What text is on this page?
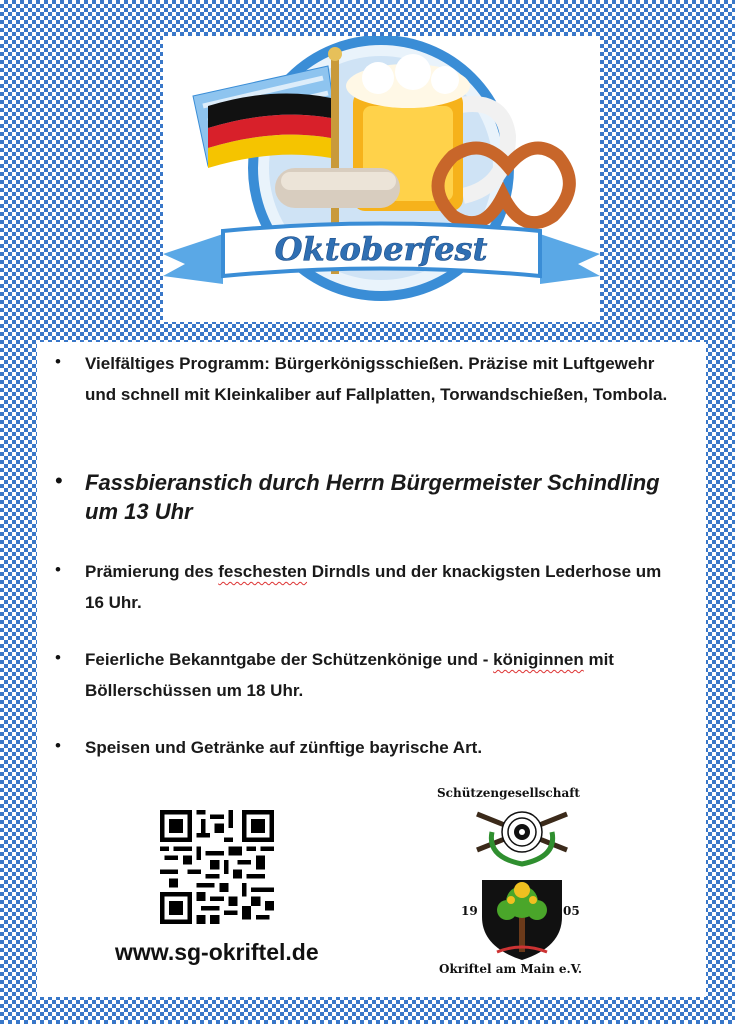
Oktoberfest
• Vielfältiges Programm: Bürgerkönigsschießen. Präzise mit Luftgewehr und schnell mit Kleinkaliber auf Fallplatten, Torwandschießen, Tombola.
• Fassbieranstich durch Herrn Bürgermeister Schindling um 13 Uhr
• Prämierung des feschesten Dirndls und der knackigsten Lederhose um 16 Uhr.
• Feierliche Bekanntgabe der Schützenkönige und - königinnen mit Böllerschüssen um 18 Uhr.
• Speisen und Getränke auf zünftige bayrische Art.
www.sg-okriftel.de
Schützengesellschaft
19	05
Okriftel am Main e.V.
